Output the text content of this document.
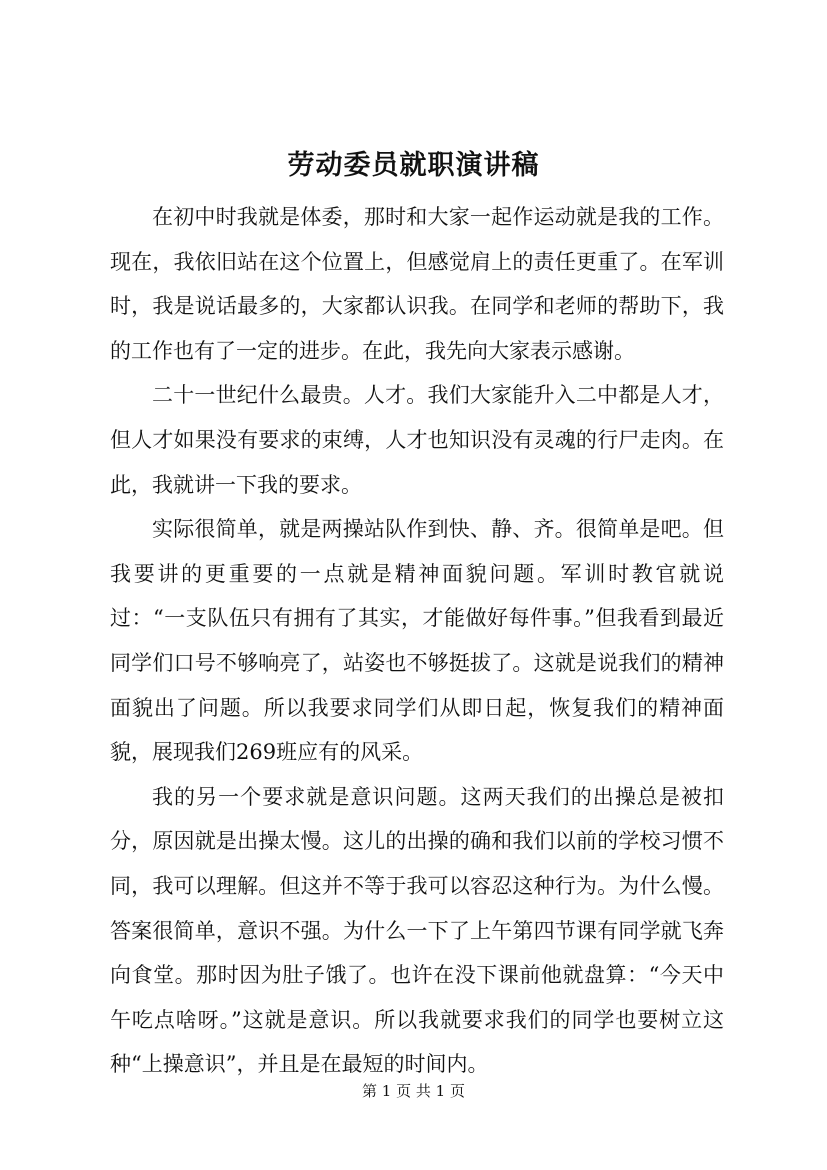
劳动委员就职演讲稿

在初中时我就是体委，那时和大家一起作运动就是我的工作。现在，我依旧站在这个位置上，但感觉肩上的责任更重了。在军训时，我是说话最多的，大家都认识我。在同学和老师的帮助下，我的工作也有了一定的进步。在此，我先向大家表示感谢。

二十一世纪什么最贵。人才。我们大家能升入二中都是人才，但人才如果没有要求的束缚，人才也知识没有灵魂的行尸走肉。在此，我就讲一下我的要求。

实际很简单，就是两操站队作到快、静、齐。很简单是吧。但我要讲的更重要的一点就是精神面貌问题。军训时教官就说过：“一支队伍只有拥有了其实，才能做好每件事。”但我看到最近同学们口号不够响亮了，站姿也不够挺拔了。这就是说我们的精神面貌出了问题。所以我要求同学们从即日起，恢复我们的精神面貌，展现我们269班应有的风采。

我的另一个要求就是意识问题。这两天我们的出操总是被扣分，原因就是出操太慢。这儿的出操的确和我们以前的学校习惯不同，我可以理解。但这并不等于我可以容忍这种行为。为什么慢。答案很简单，意识不强。为什么一下了上午第四节课有同学就飞奔向食堂。那时因为肚子饿了。也许在没下课前他就盘算：“今天中午吃点啥呀。”这就是意识。所以我就要求我们的同学也要树立这种“上操意识”，并且是在最短的时间内。

第 1 页 共 1 页
